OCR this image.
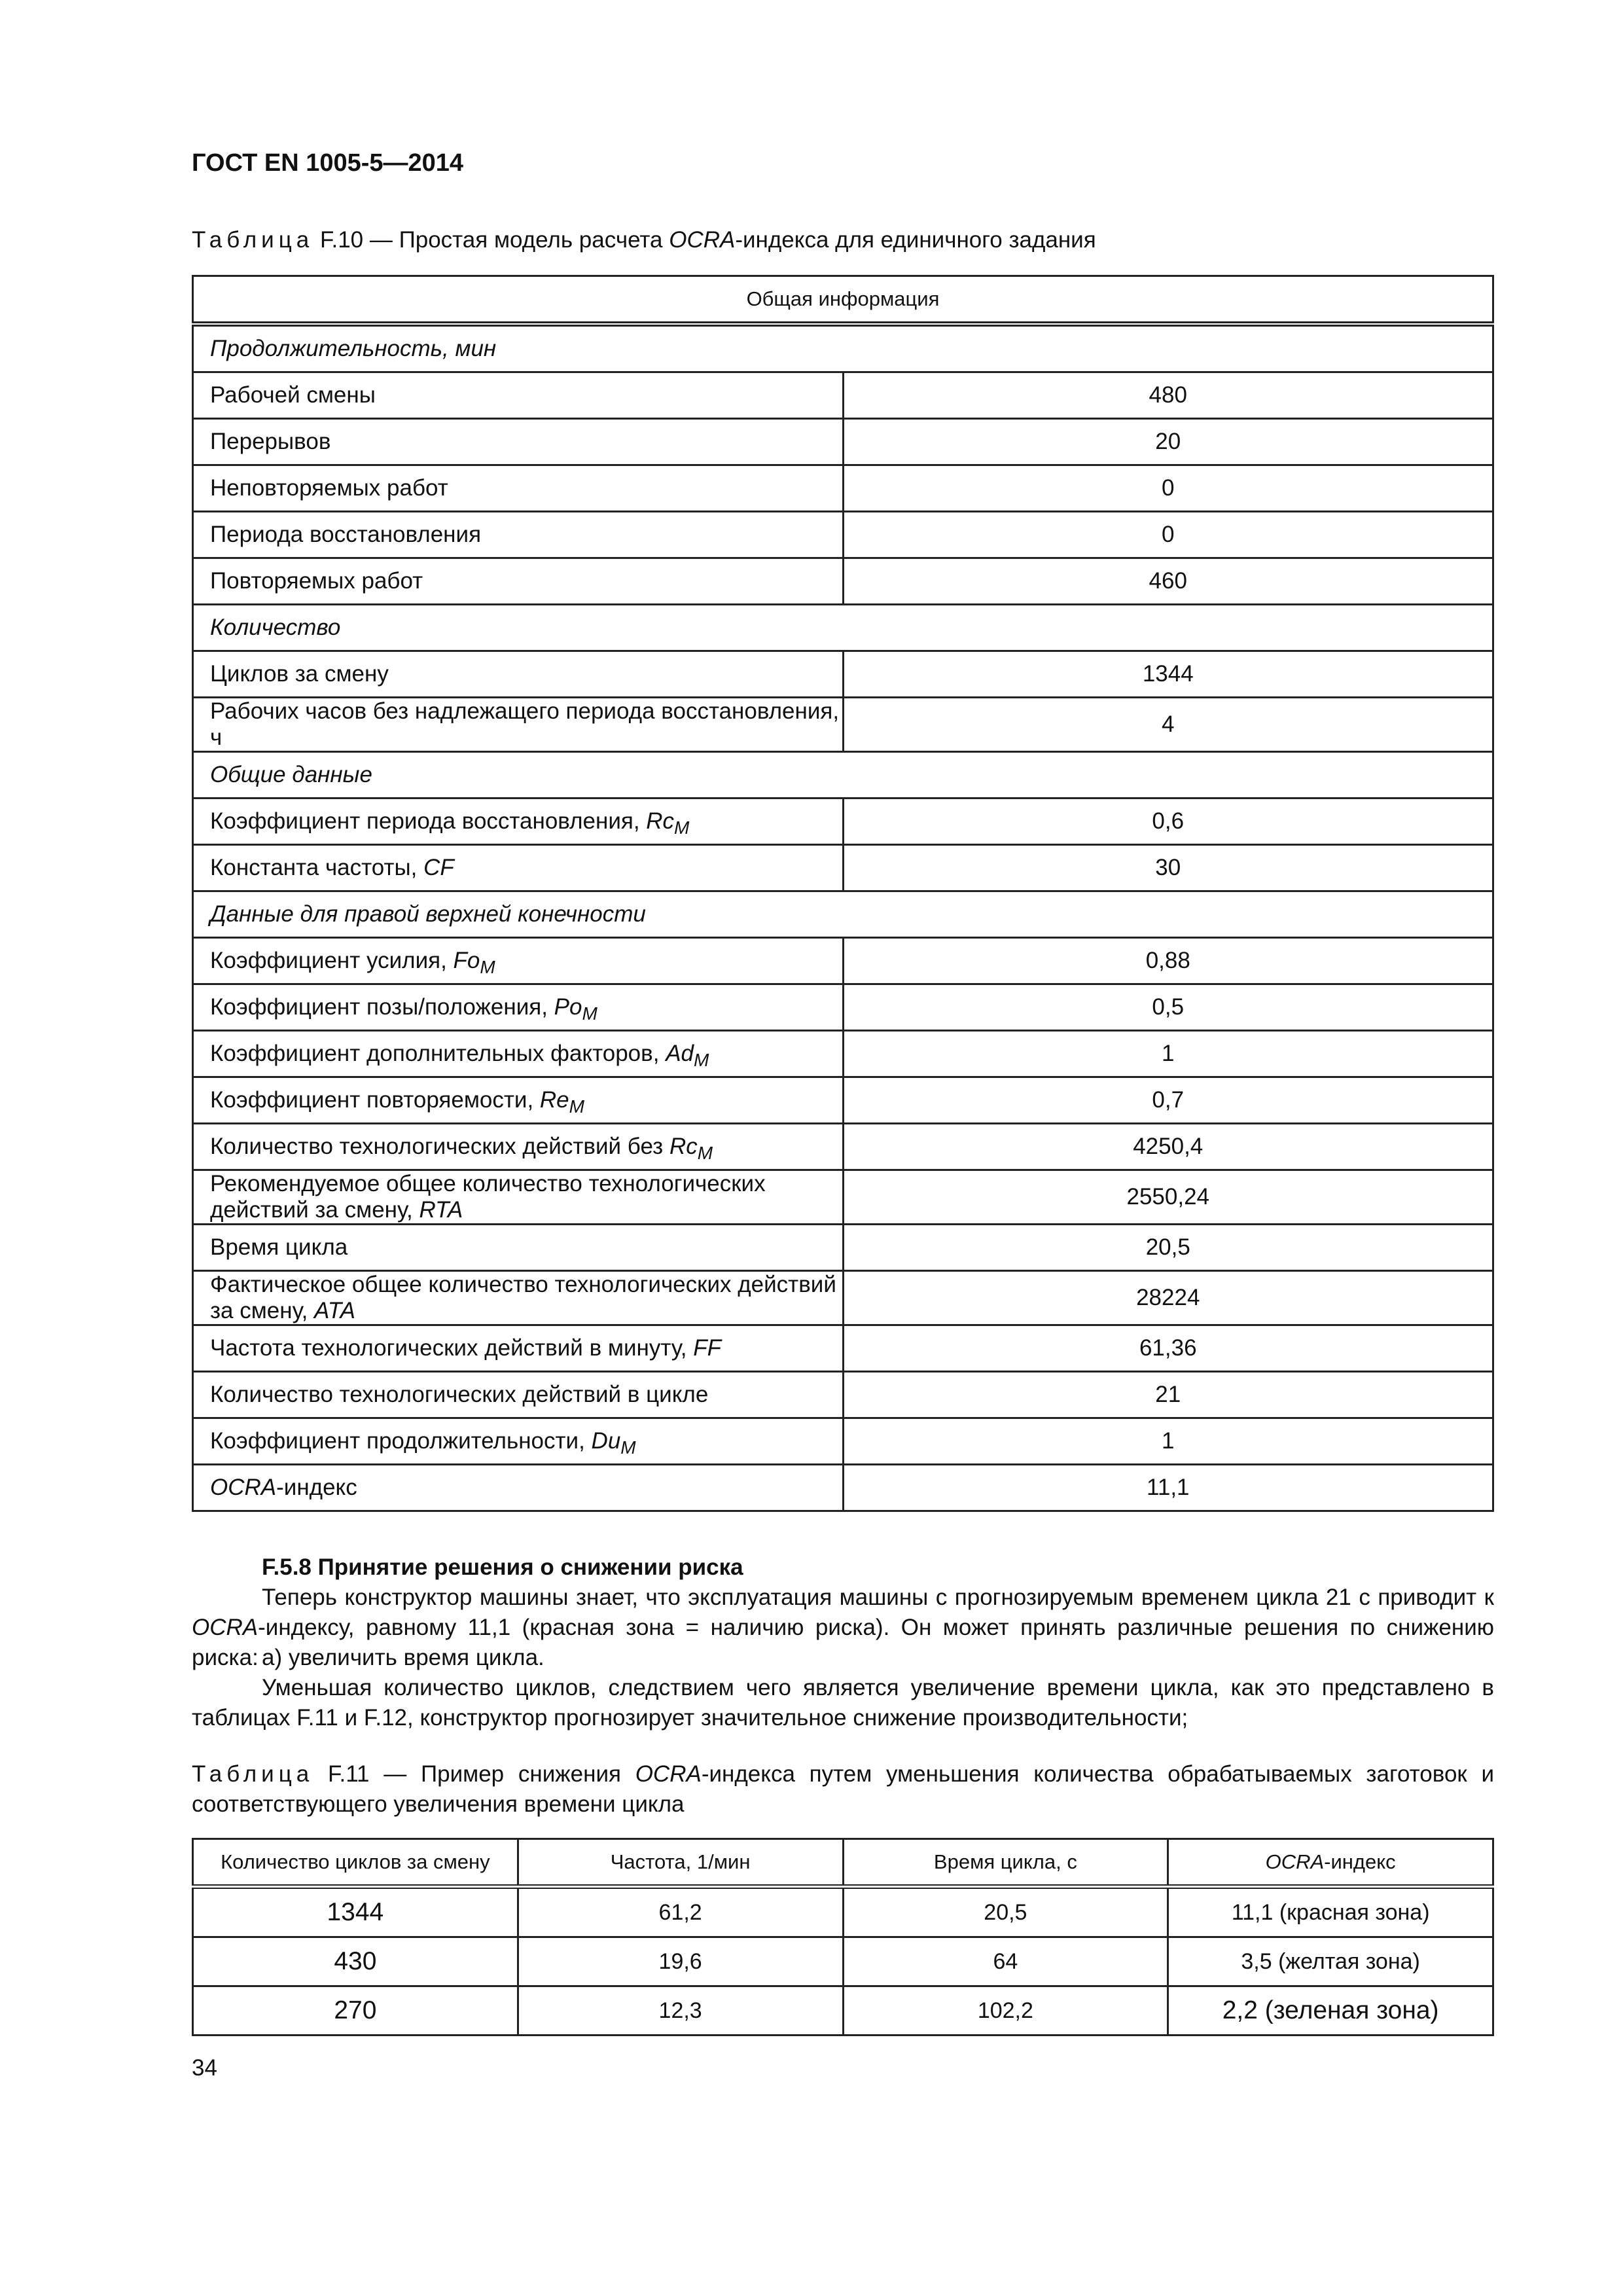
ГОСТ EN 1005-5—2014
Таблица F.10 — Простая модель расчета OCRA-индекса для единичного задания
Общая информация	
Продолжительность, мин	
Рабочей смены	480
Перерывов	20
Неповторяемых работ	0
Периода восстановления	0
Повторяемых работ	460
Количество	
Циклов за смену	1344
Рабочих часов без надлежащего периода восстановления, ч	4
Общие данные	
Коэффициент периода восстановления, $Rc_M$	0,6
Константа частоты, CF	30
Данные для правой верхней конечности	
Коэффициент усилия, $Fo_M$	0,88
Коэффициент позы/положения, $Po_M$	0,5
Коэффициент дополнительных факторов, $Ad_M$	1
Коэффициент повторяемости, $Re_M$	0,7
Количество технологических действий без $Rc_M$	4250,4
Рекомендуемое общее количество технологических действий за смену, RTA	2550,24
Время цикла	20,5
Фактическое общее количество технологических действий за смену, ATA	28224
Частота технологических действий в минуту, FF	61,36
Количество технологических действий в цикле	21
Коэффициент продолжительности, $Du_M$	1
OCRA-индекс	11,1
F.5.8 Принятие решения о снижении риска
Теперь конструктор машины знает, что эксплуатация машины с прогнозируемым временем цикла 21 с приводит к OCRA-индексу, равному 11,1 (красная зона = наличию риска). Он может принять различные решения по снижению риска: а) увеличить время цикла.
Уменьшая количество циклов, следствием чего является увеличение времени цикла, как это представлено в таблицах F.11 и F.12, конструктор прогнозирует значительное снижение производительности;
Таблица F.11 — Пример снижения OCRA-индекса путем уменьшения количества обрабатываемых заготовок и соответствующего увеличения времени цикла
Количество циклов за смену	Частота, 1/мин	Время цикла, с	OCRA-индекс
1344	61,2	20,5	11,1 (красная зона)
430	19,6	64	3,5 (желтая зона)
270	12,3	102,2	2,2 (зеленая зона)
34
